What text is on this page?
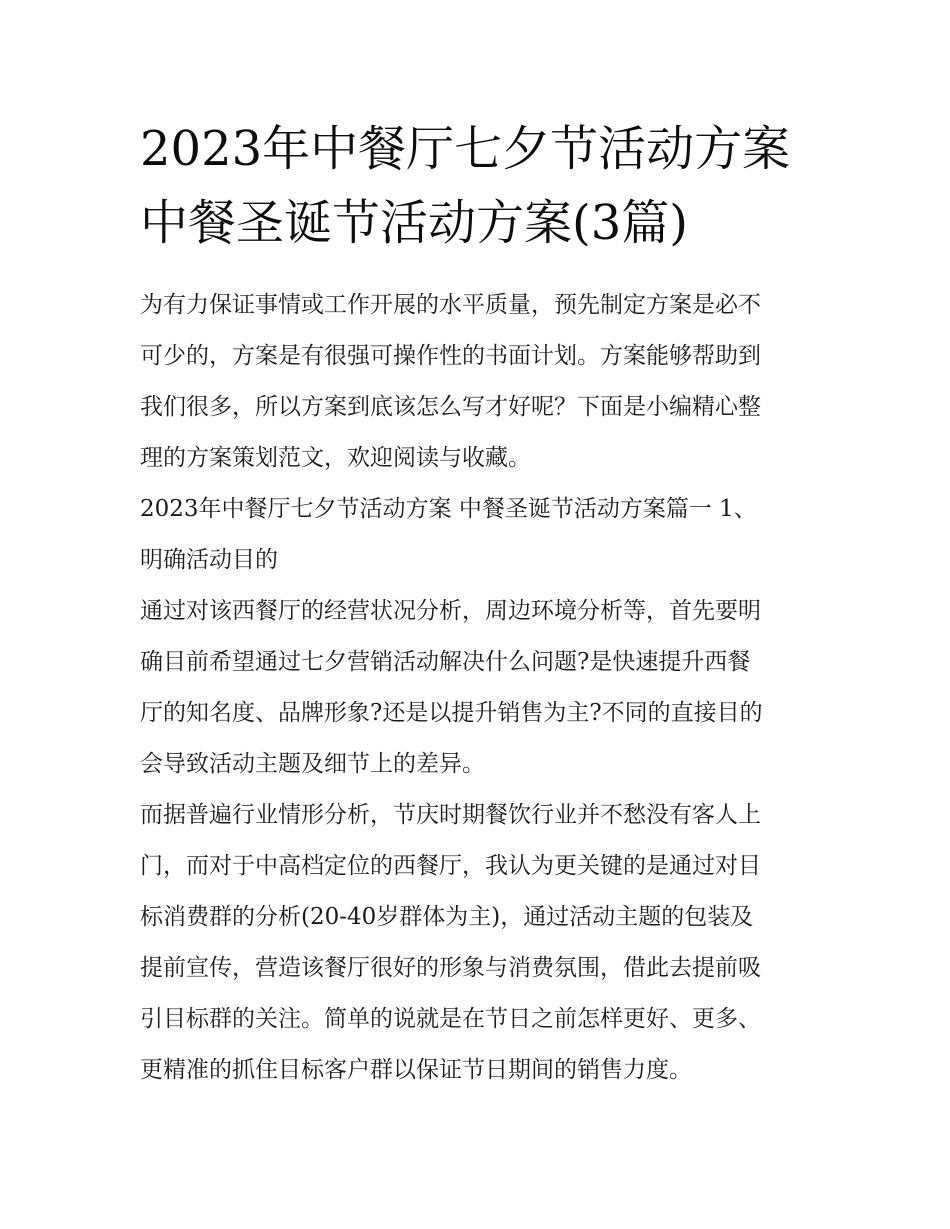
2023年中餐厅七夕节活动方案
中餐圣诞节活动方案(3篇)

为有力保证事情或工作开展的水平质量，预先制定方案是必不
可少的，方案是有很强可操作性的书面计划。方案能够帮助到
我们很多，所以方案到底该怎么写才好呢？下面是小编精心整
理的方案策划范文，欢迎阅读与收藏。

2023年中餐厅七夕节活动方案 中餐圣诞节活动方案篇一 1、
明确活动目的

通过对该西餐厅的经营状况分析，周边环境分析等，首先要明
确目前希望通过七夕营销活动解决什么问题?是快速提升西餐
厅的知名度、品牌形象?还是以提升销售为主?不同的直接目的
会导致活动主题及细节上的差异。

而据普遍行业情形分析，节庆时期餐饮行业并不愁没有客人上
门，而对于中高档定位的西餐厅，我认为更关键的是通过对目
标消费群的分析(20-40岁群体为主)，通过活动主题的包装及
提前宣传，营造该餐厅很好的形象与消费氛围，借此去提前吸
引目标群的关注。简单的说就是在节日之前怎样更好、更多、
更精准的抓住目标客户群以保证节日期间的销售力度。
